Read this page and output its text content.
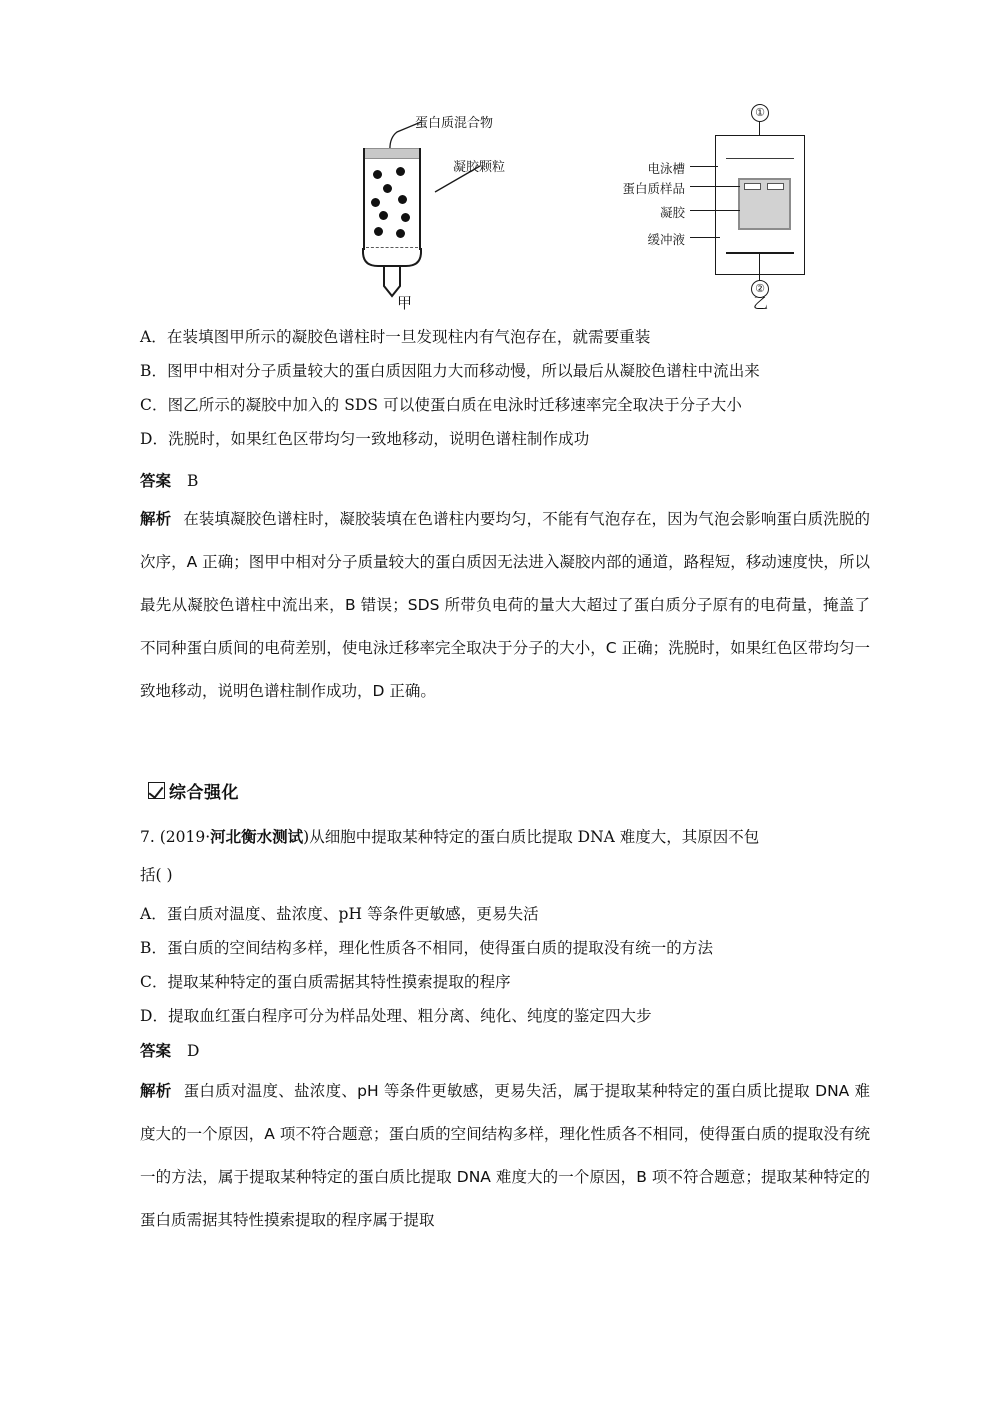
蛋白质混合物
凝胶颗粒
甲
①
②
电泳槽
蛋白质样品
凝胶
缓冲液
乙
A．在装填图甲所示的凝胶色谱柱时一旦发现柱内有气泡存在，就需要重装
B．图甲中相对分子质量较大的蛋白质因阻力大而移动慢，所以最后从凝胶色谱柱中流出来
C．图乙所示的凝胶中加入的 SDS 可以使蛋白质在电泳时迁移速率完全取决于分子大小
D．洗脱时，如果红色区带均匀一致地移动，说明色谱柱制作成功
答案 B
解析 在装填凝胶色谱柱时，凝胶装填在色谱柱内要均匀，不能有气泡存在，因为气泡会影响蛋白质洗脱的次序，A 正确；图甲中相对分子质量较大的蛋白质因无法进入凝胶内部的通道，路程短，移动速度快，所以最先从凝胶色谱柱中流出来，B 错误；SDS 所带负电荷的量大大超过了蛋白质分子原有的电荷量，掩盖了不同种蛋白质间的电荷差别，使电泳迁移率完全取决于分子的大小，C 正确；洗脱时，如果红色区带均匀一致地移动，说明色谱柱制作成功，D 正确。
综合强化
7. (2019·河北衡水测试)从细胞中提取某种特定的蛋白质比提取 DNA 难度大，其原因不包
括( )
A．蛋白质对温度、盐浓度、pH 等条件更敏感，更易失活
B．蛋白质的空间结构多样，理化性质各不相同，使得蛋白质的提取没有统一的方法
C．提取某种特定的蛋白质需据其特性摸索提取的程序
D．提取血红蛋白程序可分为样品处理、粗分离、纯化、纯度的鉴定四大步
答案 D
解析 蛋白质对温度、盐浓度、pH 等条件更敏感，更易失活，属于提取某种特定的蛋白质比提取 DNA 难度大的一个原因，A 项不符合题意；蛋白质的空间结构多样，理化性质各不相同，使得蛋白质的提取没有统一的方法，属于提取某种特定的蛋白质比提取 DNA 难度大的一个原因，B 项不符合题意；提取某种特定的蛋白质需据其特性摸索提取的程序属于提取
